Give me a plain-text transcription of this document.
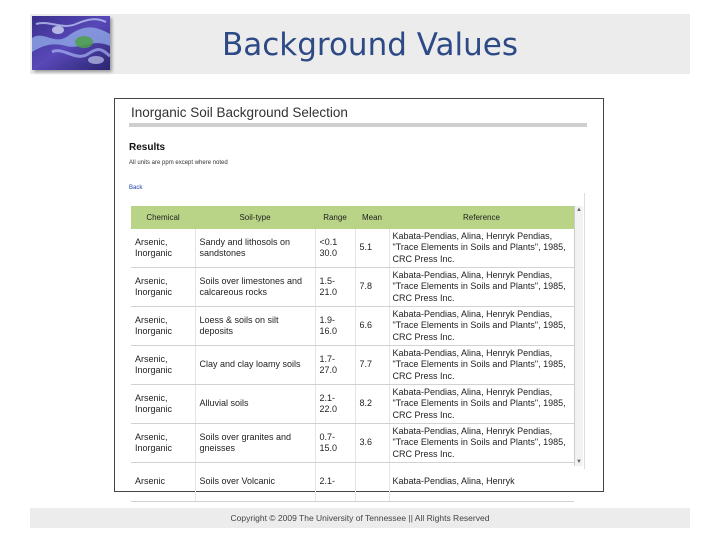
Background Values
Inorganic Soil Background Selection
Results
All units are ppm except where noted
Back
Chemical	Soil-type	Range	Mean	Reference
Arsenic, Inorganic	Sandy and lithosols on sandstones	<0.1 30.0	5.1	Kabata-Pendias, Alina, Henryk Pendias, "Trace Elements in Soils and Plants", 1985, CRC Press Inc.
Arsenic, Inorganic	Soils over limestones and calcareous rocks	1.5- 21.0	7.8	Kabata-Pendias, Alina, Henryk Pendias, "Trace Elements in Soils and Plants", 1985, CRC Press Inc.
Arsenic, Inorganic	Loess & soils on silt deposits	1.9- 16.0	6.6	Kabata-Pendias, Alina, Henryk Pendias, "Trace Elements in Soils and Plants", 1985, CRC Press Inc.
Arsenic, Inorganic	Clay and clay loamy soils	1.7- 27.0	7.7	Kabata-Pendias, Alina, Henryk Pendias, "Trace Elements in Soils and Plants", 1985, CRC Press Inc.
Arsenic, Inorganic	Alluvial soils	2.1- 22.0	8.2	Kabata-Pendias, Alina, Henryk Pendias, "Trace Elements in Soils and Plants", 1985, CRC Press Inc.
Arsenic, Inorganic	Soils over granites and gneisses	0.7- 15.0	3.6	Kabata-Pendias, Alina, Henryk Pendias, "Trace Elements in Soils and Plants", 1985, CRC Press Inc.
Arsenic	Soils over Volcanic	2.1-		Kabata-Pendias, Alina, Henryk
▲
▼
Copyright © 2009 The University of Tennessee || All Rights Reserved
